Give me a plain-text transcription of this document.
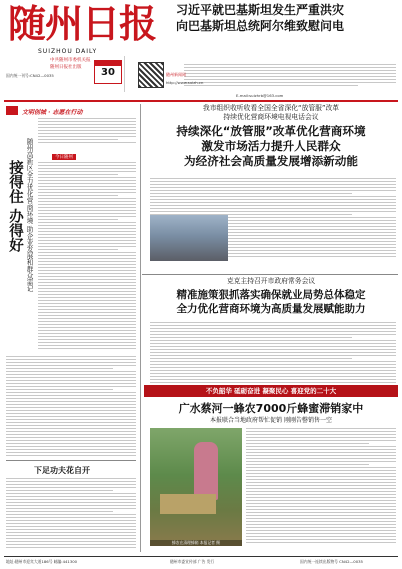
随州日报
SUIZHOU DAILY
中共随州市委机关报
随州日报社出版
国内统一刊号:CN42—0035	30
习近平就巴基斯坦发生严重洪灾
向巴基斯坦总统阿尔维致慰问电
随州新闻网
http://www.suizh.cn
E-mail:suizhrb@163.com
文明创城 · 志愿在行动
今日随州
随州高新区全力优化营商环境 助企业发展和群众需记
接得住 办得好
下足功夫花自开
我市组织收听收看全国全省深化“放管服”改革
持续优化营商环境电视电话会议
持续深化“放管服”改革优化营商环境
激发市场活力提升人民群众
为经济社会高质量发展增添新动能
克克主持召开市政府常务会议
精准施策狠抓落实确保就业局势总体稳定
全力优化营商环境为高质量发展赋能助力
不负韶华 砥砺奋进 凝聚民心 喜迎党的二十大
广水蔡河一蜂农7000斤蜂蜜滞销家中
本报联合当地政府帮忙促销 刚刚告罄销售一空
蜂农在清理蜂箱 本报记者 摄
地址:随州市迎宾大道186号 邮编:441300	随州市委宣传部 广告 发行	国内统一连续出版物号 CN42—0035
